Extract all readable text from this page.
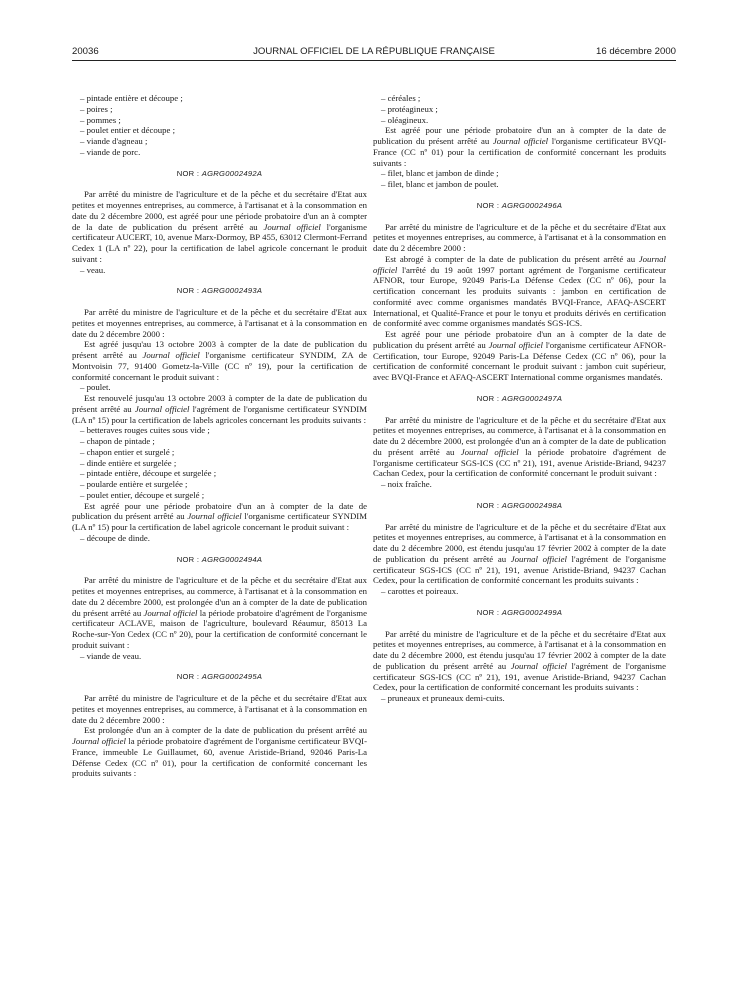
20036	JOURNAL OFFICIEL DE LA RÉPUBLIQUE FRANÇAISE	16 décembre 2000

– pintade entière et découpe ;

– poires ;

– pommes ;

– poulet entier et découpe ;

– viande d'agneau ;

– viande de porc.

NOR : AGRG0002492A

Par arrêté du ministre de l'agriculture et de la pêche et du secrétaire d'Etat aux petites et moyennes entreprises, au commerce, à l'artisanat et à la consommation en date du 2 décembre 2000, est agréé pour une période probatoire d'un an à compter de la date de publication du présent arrêté au Journal officiel l'organisme certificateur AUCERT, 10, avenue Marx-Dormoy, BP 455, 63012 Clermont-Ferrand Cedex 1 (LA nº 22), pour la certification de label agricole concernant le produit suivant :

– veau.

NOR : AGRG0002493A

Par arrêté du ministre de l'agriculture et de la pêche et du secrétaire d'Etat aux petites et moyennes entreprises, au commerce, à l'artisanat et à la consommation en date du 2 décembre 2000 :

Est agréé jusqu'au 13 octobre 2003 à compter de la date de publication du présent arrêté au Journal officiel l'organisme certificateur SYNDIM, ZA de Montvoisin 77, 91400 Gometz-la-Ville (CC nº 19), pour la certification de conformité concernant le produit suivant :

– poulet.

Est renouvelé jusqu'au 13 octobre 2003 à compter de la date de publication du présent arrêté au Journal officiel l'agrément de l'organisme certificateur SYNDIM (LA nº 15) pour la certification de labels agricoles concernant les produits suivants :

– betteraves rouges cuites sous vide ;

– chapon de pintade ;

– chapon entier et surgelé ;

– dinde entière et surgelée ;

– pintade entière, découpe et surgelée ;

– poularde entière et surgelée ;

– poulet entier, découpe et surgelé ;

Est agréé pour une période probatoire d'un an à compter de la date de publication du présent arrêté au Journal officiel l'organisme certificateur SYNDIM (LA nº 15) pour la certification de label agricole concernant le produit suivant :

– découpe de dinde.

NOR : AGRG0002494A

Par arrêté du ministre de l'agriculture et de la pêche et du secrétaire d'Etat aux petites et moyennes entreprises, au commerce, à l'artisanat et à la consommation en date du 2 décembre 2000, est prolongée d'un an à compter de la date de publication du présent arrêté au Journal officiel la période probatoire d'agrément de l'organisme certificateur ACLAVE, maison de l'agriculture, boulevard Réaumur, 85013 La Roche-sur-Yon Cedex (CC nº 20), pour la certification de conformité concernant le produit suivant :

– viande de veau.

NOR : AGRG0002495A

Par arrêté du ministre de l'agriculture et de la pêche et du secrétaire d'Etat aux petites et moyennes entreprises, au commerce, à l'artisanat et à la consommation en date du 2 décembre 2000 :

Est prolongée d'un an à compter de la date de publication du présent arrêté au Journal officiel la période probatoire d'agrément de l'organisme certificateur BVQI-France, immeuble Le Guillaumet, 60, avenue Aristide-Briand, 92046 Paris-La Défense Cedex (CC nº 01), pour la certification de conformité concernant les produits suivants :

– céréales ;

– protéagineux ;

– oléagineux.

Est agréé pour une période probatoire d'un an à compter de la date de publication du présent arrêté au Journal officiel l'organisme certificateur BVQI-France (CC nº 01) pour la certification de conformité concernant les produits suivants :

– filet, blanc et jambon de dinde ;

– filet, blanc et jambon de poulet.

NOR : AGRG0002496A

Par arrêté du ministre de l'agriculture et de la pêche et du secrétaire d'Etat aux petites et moyennes entreprises, au commerce, à l'artisanat et à la consommation en date du 2 décembre 2000 :

Est abrogé à compter de la date de publication du présent arrêté au Journal officiel l'arrêté du 19 août 1997 portant agrément de l'organisme certificateur AFNOR, tour Europe, 92049 Paris-La Défense Cedex (CC nº 06), pour la certification concernant les produits suivants : jambon en certification de conformité avec comme organismes mandatés BVQI-France, AFAQ-ASCERT International, et Qualité-France et pour le tonyu et produits dérivés en certification de conformité avec comme organismes mandatés SGS-ICS.

Est agréé pour une période probatoire d'un an à compter de la date de publication du présent arrêté au Journal officiel l'organisme certificateur AFNOR-Certification, tour Europe, 92049 Paris-La Défense Cedex (CC nº 06), pour la certification de conformité concernant le produit suivant : jambon cuit supérieur, avec BVQI-France et AFAQ-ASCERT International comme organismes mandatés.

NOR : AGRG0002497A

Par arrêté du ministre de l'agriculture et de la pêche et du secrétaire d'Etat aux petites et moyennes entreprises, au commerce, à l'artisanat et à la consommation en date du 2 décembre 2000, est prolongée d'un an à compter de la date de publication du présent arrêté au Journal officiel la période probatoire d'agrément de l'organisme certificateur SGS-ICS (CC nº 21), 191, avenue Aristide-Briand, 94237 Cachan Cedex, pour la certification de conformité concernant le produit suivant :

– noix fraîche.

NOR : AGRG0002498A

Par arrêté du ministre de l'agriculture et de la pêche et du secrétaire d'Etat aux petites et moyennes entreprises, au commerce, à l'artisanat et à la consommation en date du 2 décembre 2000, est étendu jusqu'au 17 février 2002 à compter de la date de publication du présent arrêté au Journal officiel l'agrément de l'organisme certificateur SGS-ICS (CC nº 21), 191, avenue Aristide-Briand, 94237 Cachan Cedex, pour la certification de conformité concernant les produits suivants :

– carottes et poireaux.

NOR : AGRG0002499A

Par arrêté du ministre de l'agriculture et de la pêche et du secrétaire d'Etat aux petites et moyennes entreprises, au commerce, à l'artisanat et à la consommation en date du 2 décembre 2000, est étendu jusqu'au 17 février 2002 à compter de la date de publication du présent arrêté au Journal officiel l'agrément de l'organisme certificateur SGS-ICS (CC nº 21), 191, avenue Aristide-Briand, 94237 Cachan Cedex, pour la certification de conformité concernant les produits suivants :

– pruneaux et pruneaux demi-cuits.
